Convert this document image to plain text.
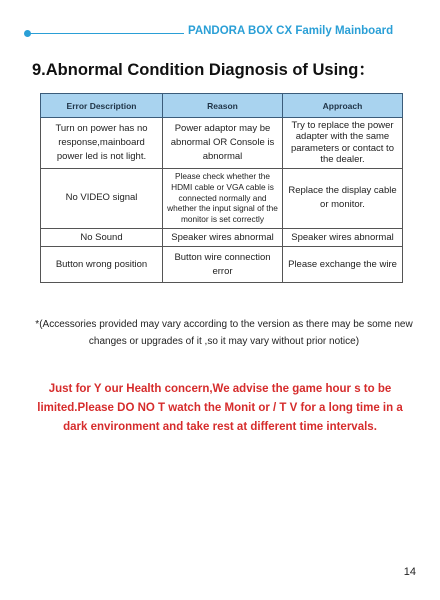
PANDORA BOX CX Family Mainboard
9.Abnormal Condition Diagnosis of Using：
Error Description	Reason	Approach
Turn on power has no response,mainboard power led is not light.	Power adaptor may be abnormal OR Console is abnormal	Try to replace the power adapter with the same parameters or contact to the dealer.
No VIDEO signal	Please check whether the HDMI cable or VGA cable is connected normally and whether the input signal of the monitor is set correctly	Replace the display cable or monitor.
No Sound	Speaker wires abnormal	Speaker wires abnormal
Button wrong position	Button wire connection error	Please exchange the wire
*(Accessories provided may vary according to the version as there may be some new changes or upgrades of it ,so it may vary without prior notice)
Just for Y our Health concern,We advise the game hour s to be limited.Please DO NO T watch the Monit or / T V for a long time in a dark environment and take rest at different time intervals.
14
